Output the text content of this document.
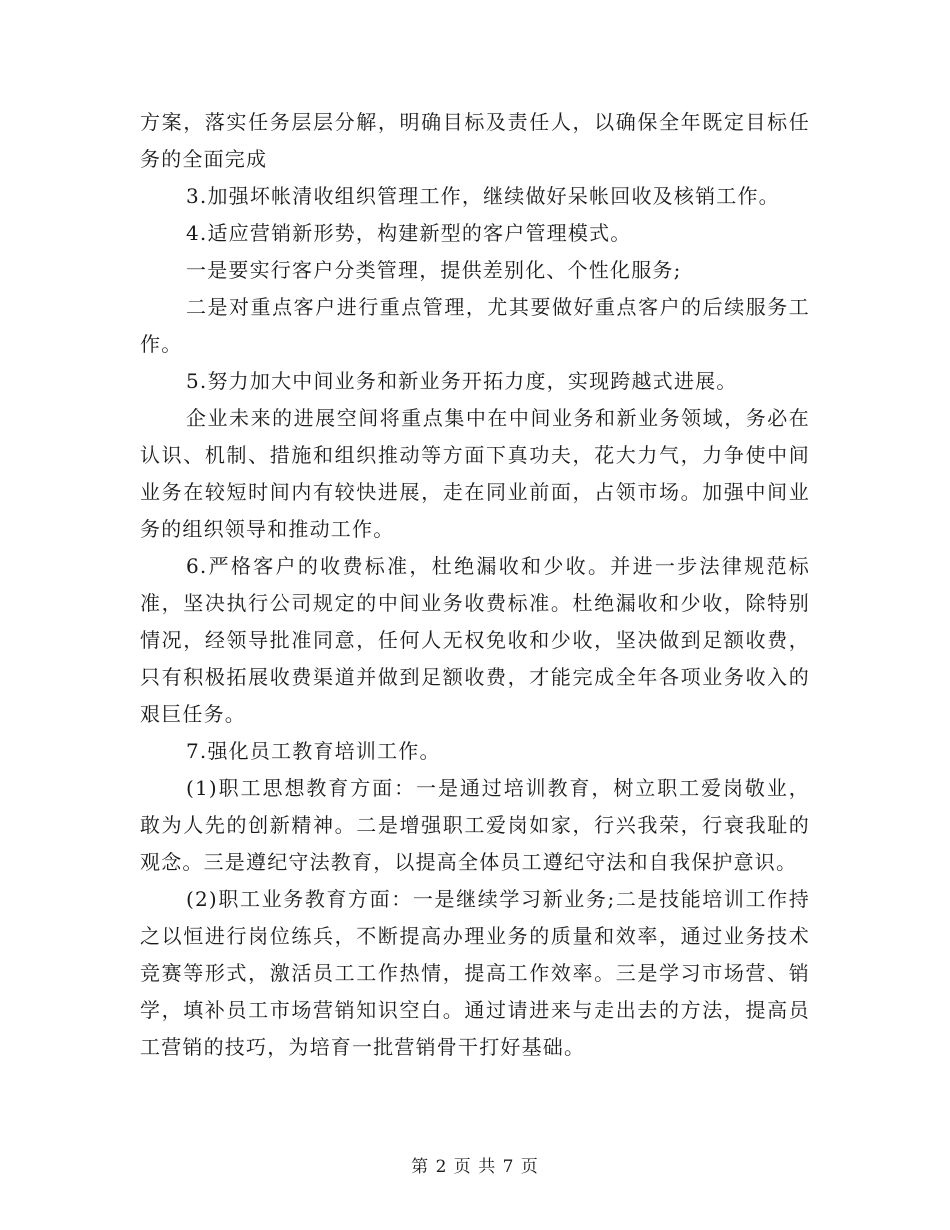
方案，落实任务层层分解，明确目标及责任人，以确保全年既定目标任务的全面完成

3.加强坏帐清收组织管理工作，继续做好呆帐回收及核销工作。

4.适应营销新形势，构建新型的客户管理模式。

一是要实行客户分类管理，提供差别化、个性化服务;

二是对重点客户进行重点管理，尤其要做好重点客户的后续服务工作。

5.努力加大中间业务和新业务开拓力度，实现跨越式进展。

企业未来的进展空间将重点集中在中间业务和新业务领域，务必在认识、机制、措施和组织推动等方面下真功夫，花大力气，力争使中间业务在较短时间内有较快进展，走在同业前面，占领市场。加强中间业务的组织领导和推动工作。

6.严格客户的收费标准，杜绝漏收和少收。并进一步法律规范标准，坚决执行公司规定的中间业务收费标准。杜绝漏收和少收，除特别情况，经领导批准同意，任何人无权免收和少收，坚决做到足额收费，只有积极拓展收费渠道并做到足额收费，才能完成全年各项业务收入的艰巨任务。

7.强化员工教育培训工作。

(1)职工思想教育方面：一是通过培训教育，树立职工爱岗敬业，敢为人先的创新精神。二是增强职工爱岗如家，行兴我荣，行衰我耻的观念。三是遵纪守法教育，以提高全体员工遵纪守法和自我保护意识。

(2)职工业务教育方面：一是继续学习新业务;二是技能培训工作持之以恒进行岗位练兵，不断提高办理业务的质量和效率，通过业务技术竞赛等形式，激活员工工作热情，提高工作效率。三是学习市场营、销学，填补员工市场营销知识空白。通过请进来与走出去的方法，提高员工营销的技巧，为培育一批营销骨干打好基础。

第 2 页 共 7 页
